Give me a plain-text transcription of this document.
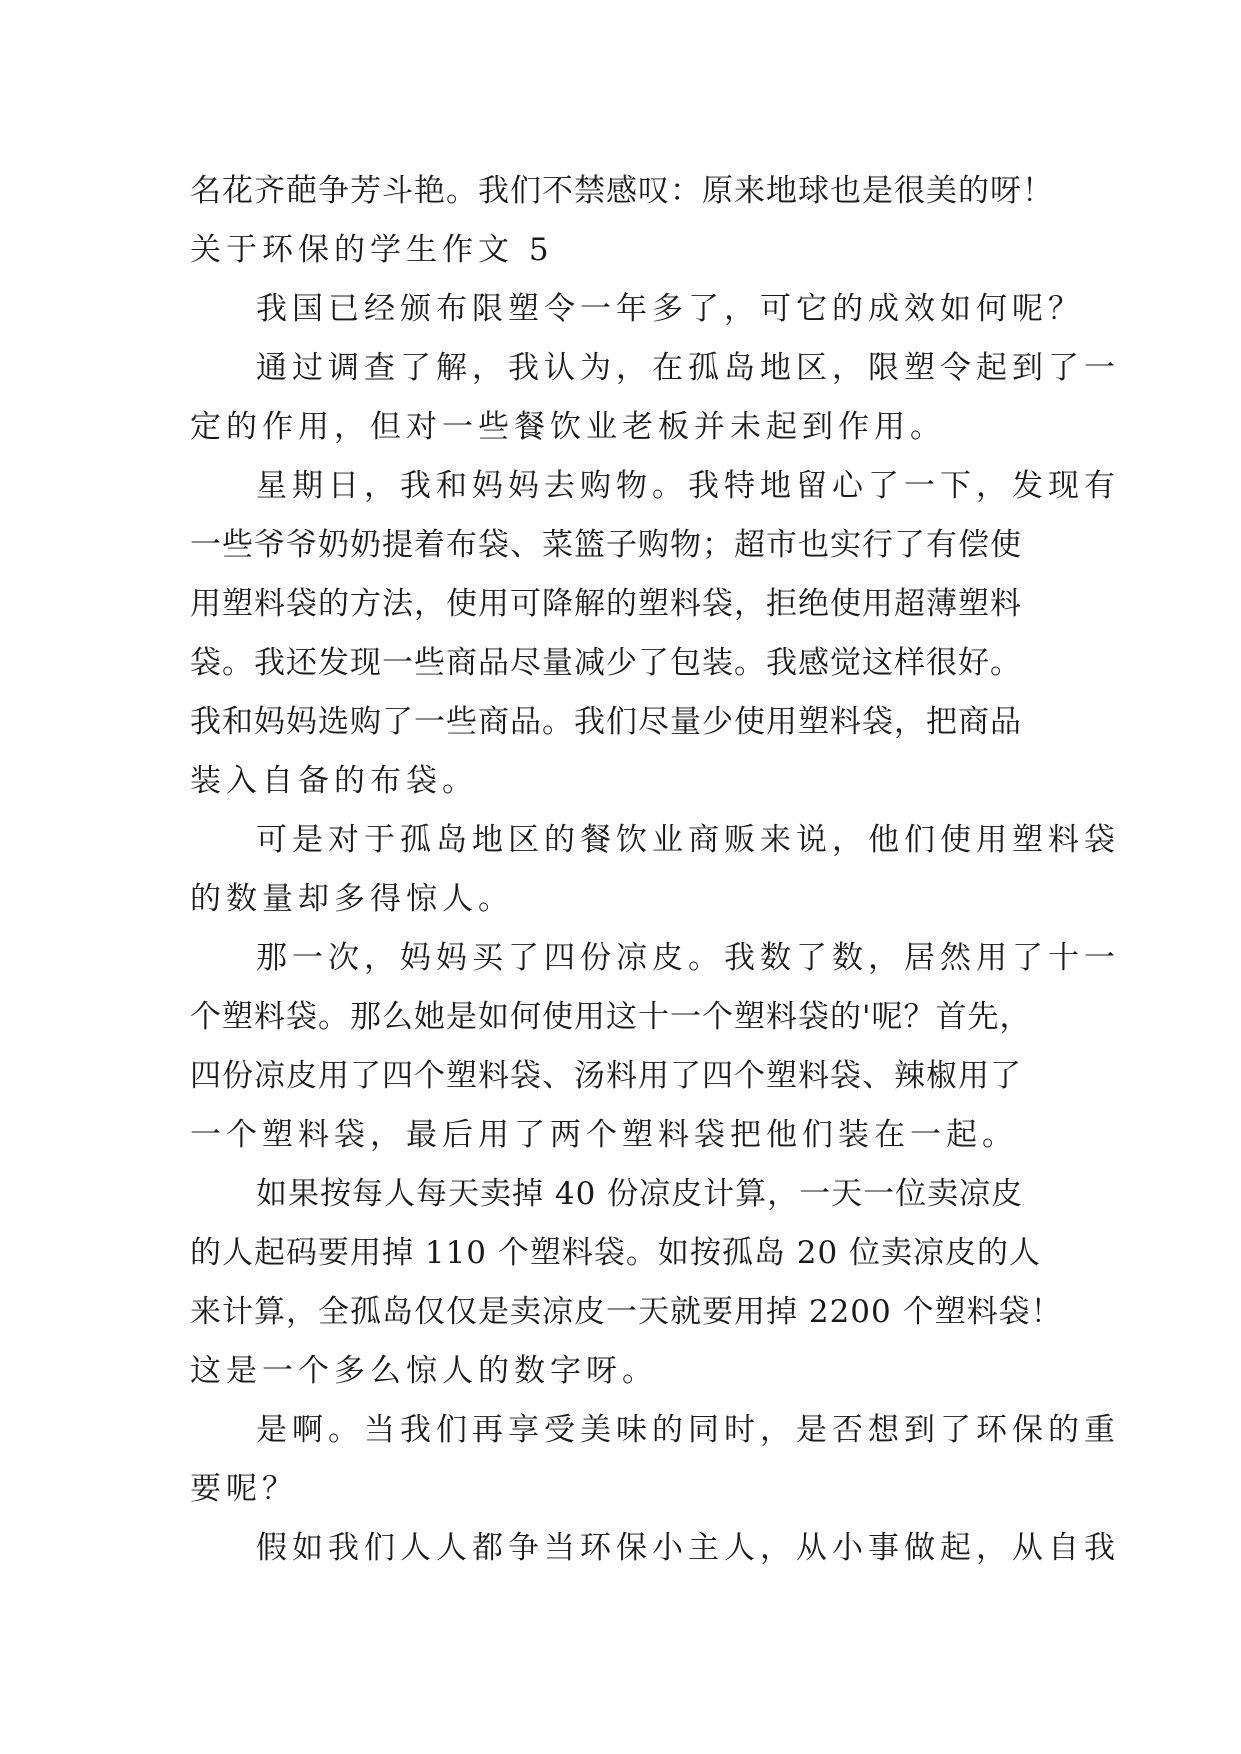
名花齐葩争芳斗艳。我们不禁感叹：原来地球也是很美的呀！
关于环保的学生作文 5
我国已经颁布限塑令一年多了，可它的成效如何呢？
通过调查了解，我认为，在孤岛地区，限塑令起到了一
定的作用，但对一些餐饮业老板并未起到作用。
星期日，我和妈妈去购物。我特地留心了一下，发现有
一些爷爷奶奶提着布袋、菜篮子购物；超市也实行了有偿使
用塑料袋的方法，使用可降解的塑料袋，拒绝使用超薄塑料
袋。我还发现一些商品尽量减少了包装。我感觉这样很好。
我和妈妈选购了一些商品。我们尽量少使用塑料袋，把商品
装入自备的布袋。
可是对于孤岛地区的餐饮业商贩来说，他们使用塑料袋
的数量却多得惊人。
那一次，妈妈买了四份凉皮。我数了数，居然用了十一
个塑料袋。那么她是如何使用这十一个塑料袋的'呢？首先，
四份凉皮用了四个塑料袋、汤料用了四个塑料袋、辣椒用了
一个塑料袋，最后用了两个塑料袋把他们装在一起。
如果按每人每天卖掉 40 份凉皮计算，一天一位卖凉皮
的人起码要用掉 110 个塑料袋。如按孤岛 20 位卖凉皮的人
来计算，全孤岛仅仅是卖凉皮一天就要用掉 2200 个塑料袋！
这是一个多么惊人的数字呀。
是啊。当我们再享受美味的同时，是否想到了环保的重
要呢？
假如我们人人都争当环保小主人，从小事做起，从自我
